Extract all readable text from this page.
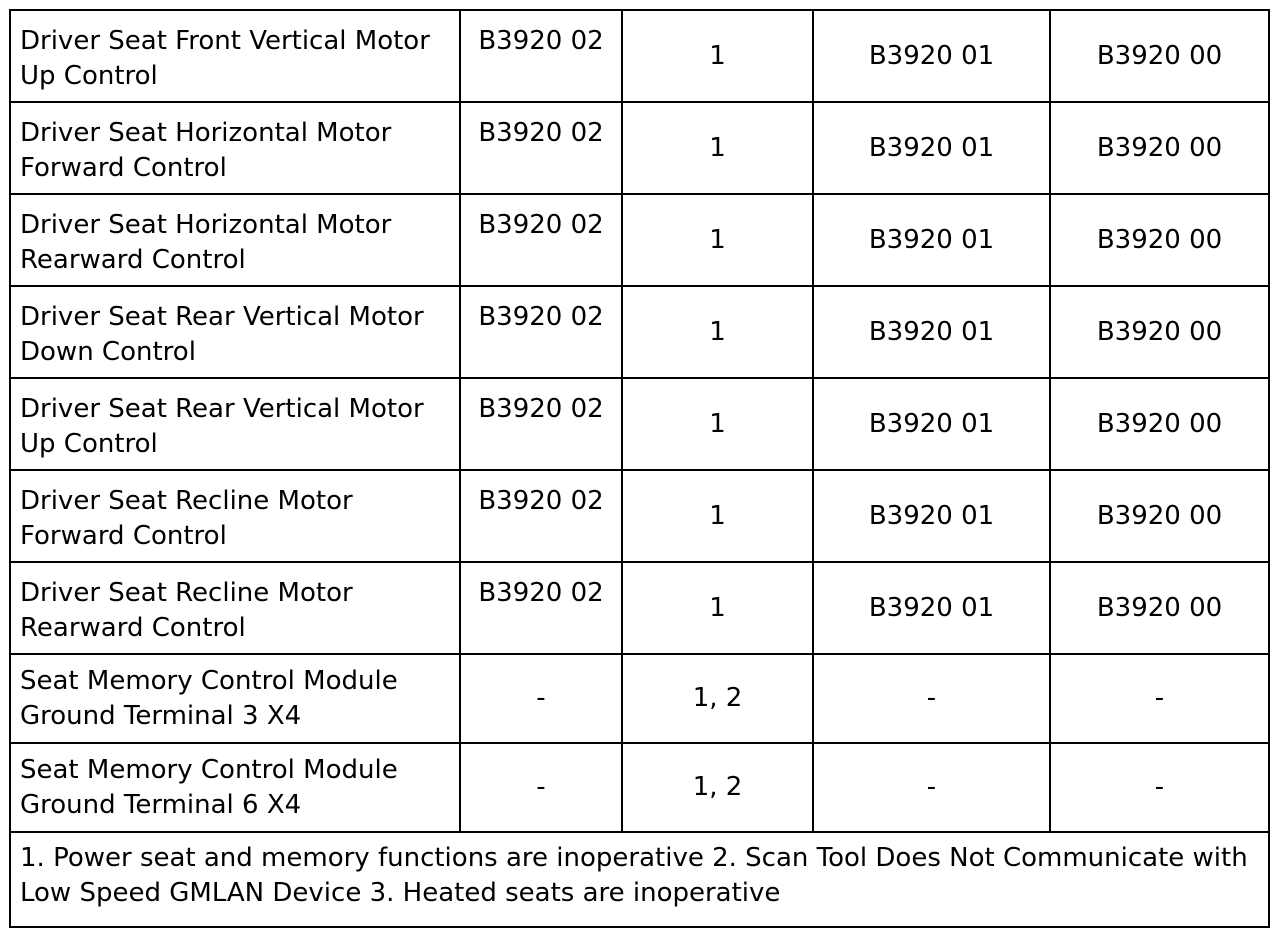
Driver Seat Front Vertical Motor Up Control	B3920 02	1	B3920 01	B3920 00
Driver Seat Horizontal Motor Forward Control	B3920 02	1	B3920 01	B3920 00
Driver Seat Horizontal Motor Rearward Control	B3920 02	1	B3920 01	B3920 00
Driver Seat Rear Vertical Motor Down Control	B3920 02	1	B3920 01	B3920 00
Driver Seat Rear Vertical Motor Up Control	B3920 02	1	B3920 01	B3920 00
Driver Seat Recline Motor Forward Control	B3920 02	1	B3920 01	B3920 00
Driver Seat Recline Motor Rearward Control	B3920 02	1	B3920 01	B3920 00
Seat Memory Control Module Ground Terminal 3 X4	-	1, 2	-	-
Seat Memory Control Module Ground Terminal 6 X4	-	1, 2	-	-
1. Power seat and memory functions are inoperative 2. Scan Tool Does Not Communicate with Low Speed GMLAN Device 3. Heated seats are inoperative				
